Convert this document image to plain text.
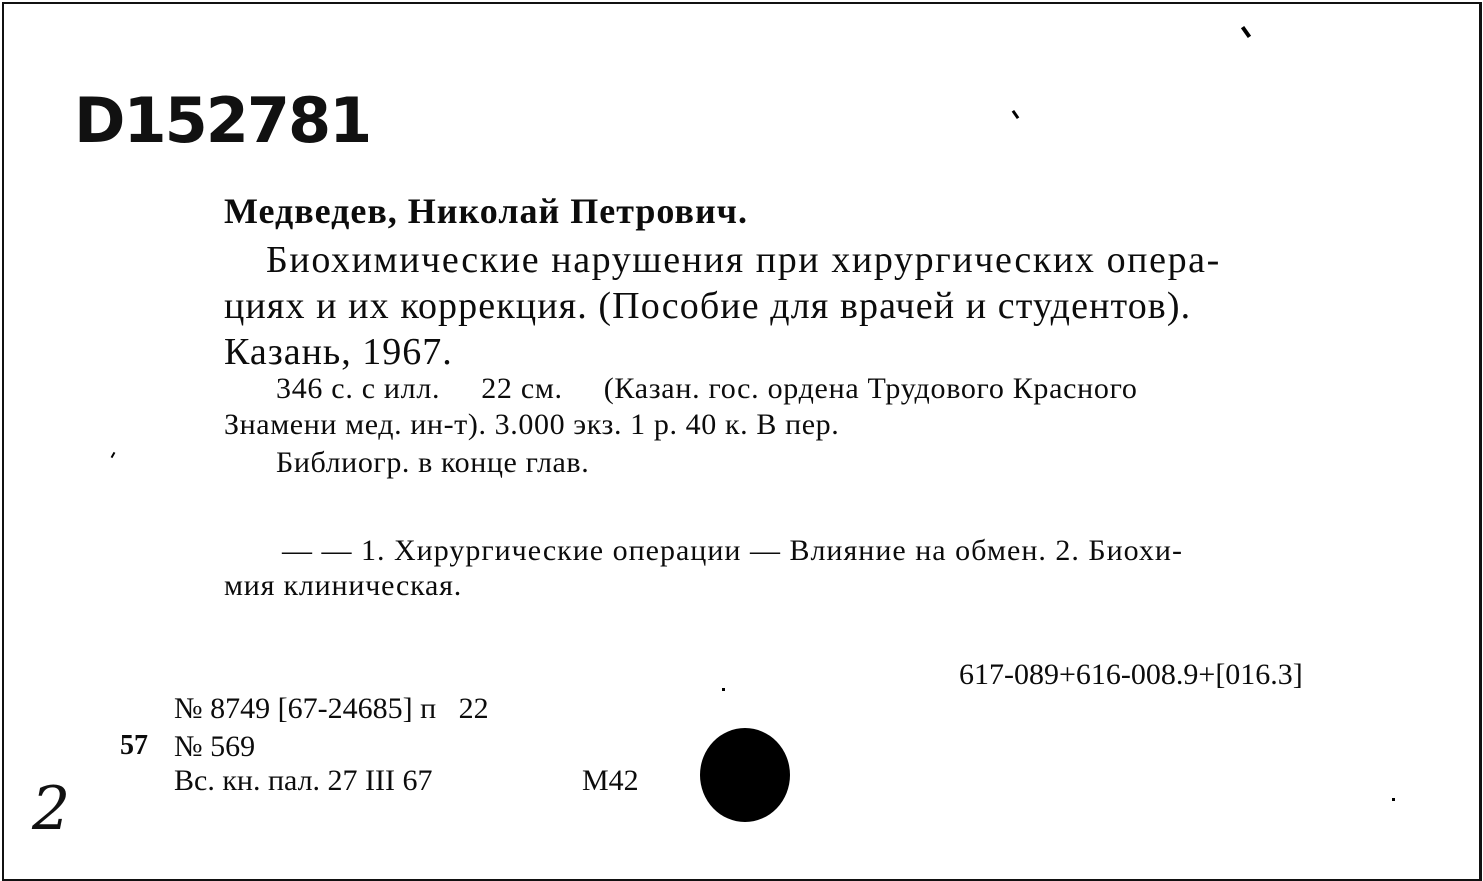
D152781
2
Медведев, Николай Петрович.
Биохимические нарушения при хирургических опера-
циях и их коррекция. (Пособие для врачей и студентов).
Казань, 1967.
346 с. с илл.     22 см.     (Казан. гос. ордена Трудового Красного
Знамени мед. ин-т). 3.000 экз. 1 р. 40 к. В пер.
Библиогр. в конце глав.
— — 1. Хирургические операции — Влияние на обмен. 2. Биохи-
мия клиническая.
617-089+616-008.9+[016.3]
№ 8749 [67-24685] п   22
57 № 569
Вс. кн. пал. 27 III 67	М42
